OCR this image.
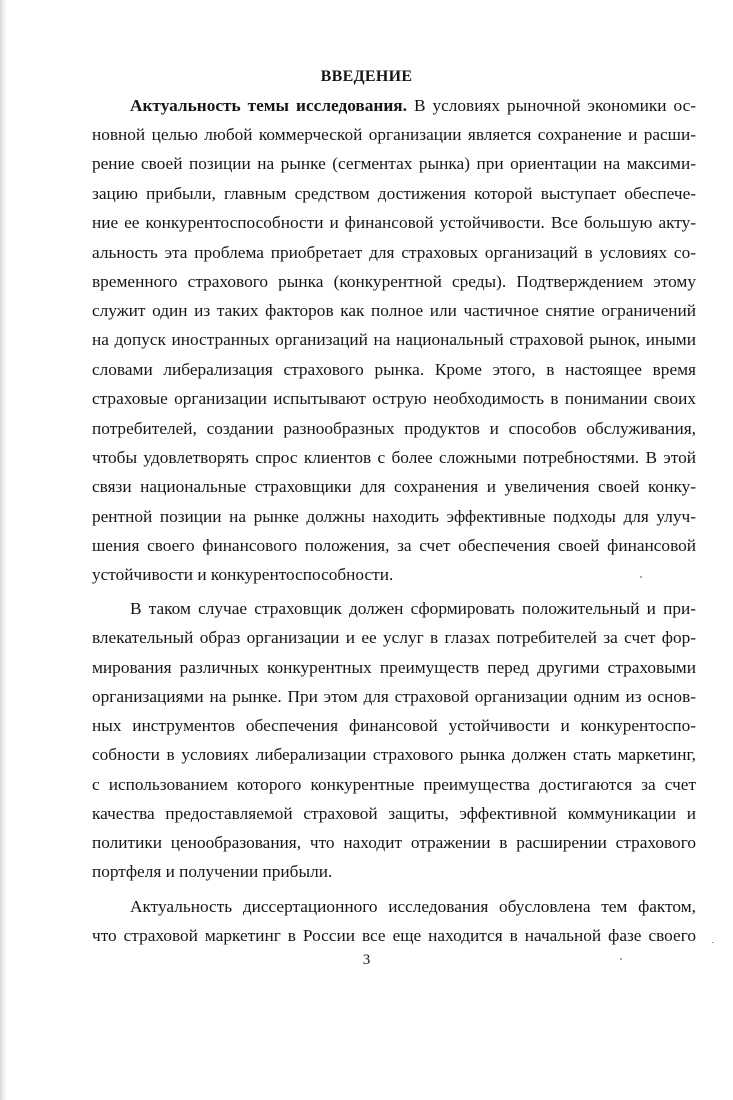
ВВЕДЕНИЕ
Актуальность темы исследования. В условиях рыночной экономики ос-
новной целью любой коммерческой организации является сохранение и расши-
рение своей позиции на рынке (сегментах рынка) при ориентации на максими-
зацию прибыли, главным средством достижения которой выступает обеспече-
ние ее конкурентоспособности и финансовой устойчивости. Все большую акту-
альность эта проблема приобретает для страховых организаций в условиях со-
временного страхового рынка (конкурентной среды). Подтверждением этому
служит один из таких факторов как полное или частичное снятие ограничений
на допуск иностранных организаций на национальный страховой рынок, иными
словами либерализация страхового рынка. Кроме этого, в настоящее время
страховые организации испытывают острую необходимость в понимании своих
потребителей, создании разнообразных продуктов и способов обслуживания,
чтобы удовлетворять спрос клиентов с более сложными потребностями. В этой
связи национальные страховщики для сохранения и увеличения своей конку-
рентной позиции на рынке должны находить эффективные подходы для улуч-
шения своего финансового положения, за счет обеспечения своей финансовой
устойчивости и конкурентоспособности.
В таком случае страховщик должен сформировать положительный и при-
влекательный образ организации и ее услуг в глазах потребителей за счет фор-
мирования различных конкурентных преимуществ перед другими страховыми
организациями на рынке. При этом для страховой организации одним из основ-
ных инструментов обеспечения финансовой устойчивости и конкурентоспо-
собности в условиях либерализации страхового рынка должен стать маркетинг,
с использованием которого конкурентные преимущества достигаются за счет
качества предоставляемой страховой защиты, эффективной коммуникации и
политики ценообразования, что находит отражении в расширении страхового
портфеля и получении прибыли.
Актуальность диссертационного исследования обусловлена тем фактом,
что страховой маркетинг в России все еще находится в начальной фазе своего
3
